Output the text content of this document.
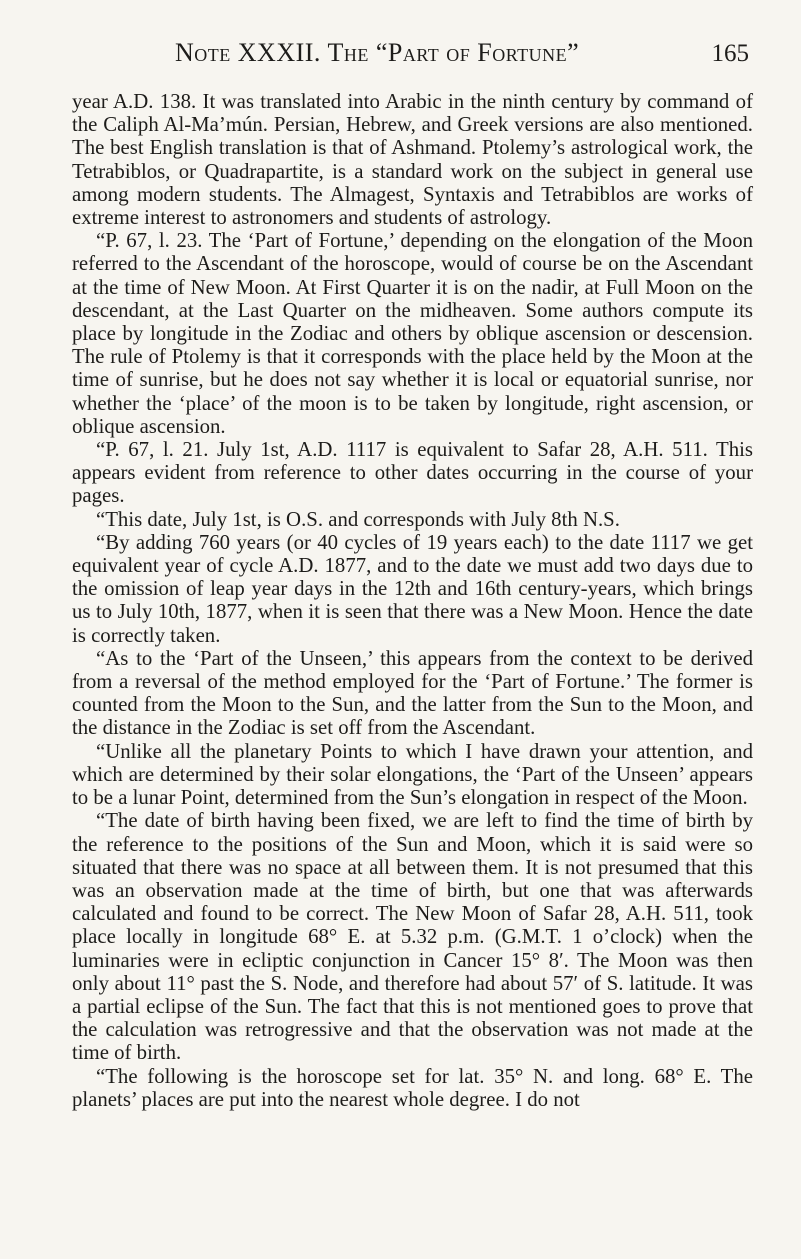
Note XXXII. The “Part of Fortune”	165

year A.D. 138. It was translated into Arabic in the ninth century by command of the Caliph Al-Ma’mún. Persian, Hebrew, and Greek versions are also mentioned. The best English translation is that of Ashmand. Ptolemy’s astrological work, the Tetrabiblos, or Quadrapartite, is a standard work on the subject in general use among modern students. The Almagest, Syntaxis and Tetrabiblos are works of extreme interest to astronomers and students of astrology.

“P. 67, l. 23. The ‘Part of Fortune,’ depending on the elongation of the Moon referred to the Ascendant of the horoscope, would of course be on the Ascendant at the time of New Moon. At First Quarter it is on the nadir, at Full Moon on the descendant, at the Last Quarter on the midheaven. Some authors compute its place by longitude in the Zodiac and others by oblique ascension or descension. The rule of Ptolemy is that it corresponds with the place held by the Moon at the time of sunrise, but he does not say whether it is local or equatorial sunrise, nor whether the ‘place’ of the moon is to be taken by longitude, right ascension, or oblique ascension.

“P. 67, l. 21. July 1st, A.D. 1117 is equivalent to Safar 28, A.H. 511. This appears evident from reference to other dates occurring in the course of your pages.

“This date, July 1st, is O.S. and corresponds with July 8th N.S.

“By adding 760 years (or 40 cycles of 19 years each) to the date 1117 we get equivalent year of cycle A.D. 1877, and to the date we must add two days due to the omission of leap year days in the 12th and 16th century-years, which brings us to July 10th, 1877, when it is seen that there was a New Moon. Hence the date is correctly taken.

“As to the ‘Part of the Unseen,’ this appears from the context to be derived from a reversal of the method employed for the ‘Part of Fortune.’ The former is counted from the Moon to the Sun, and the latter from the Sun to the Moon, and the distance in the Zodiac is set off from the Ascendant.

“Unlike all the planetary Points to which I have drawn your attention, and which are determined by their solar elongations, the ‘Part of the Unseen’ appears to be a lunar Point, determined from the Sun’s elongation in respect of the Moon.

“The date of birth having been fixed, we are left to find the time of birth by the reference to the positions of the Sun and Moon, which it is said were so situated that there was no space at all between them. It is not presumed that this was an observation made at the time of birth, but one that was afterwards calculated and found to be correct. The New Moon of Safar 28, A.H. 511, took place locally in longitude 68° E. at 5.32 p.m. (G.M.T. 1 o’clock) when the luminaries were in ecliptic conjunction in Cancer 15° 8′. The Moon was then only about 11° past the S. Node, and therefore had about 57′ of S. latitude. It was a partial eclipse of the Sun. The fact that this is not mentioned goes to prove that the calculation was retrogressive and that the observation was not made at the time of birth.

“The following is the horoscope set for lat. 35° N. and long. 68° E. The planets’ places are put into the nearest whole degree. I do not
